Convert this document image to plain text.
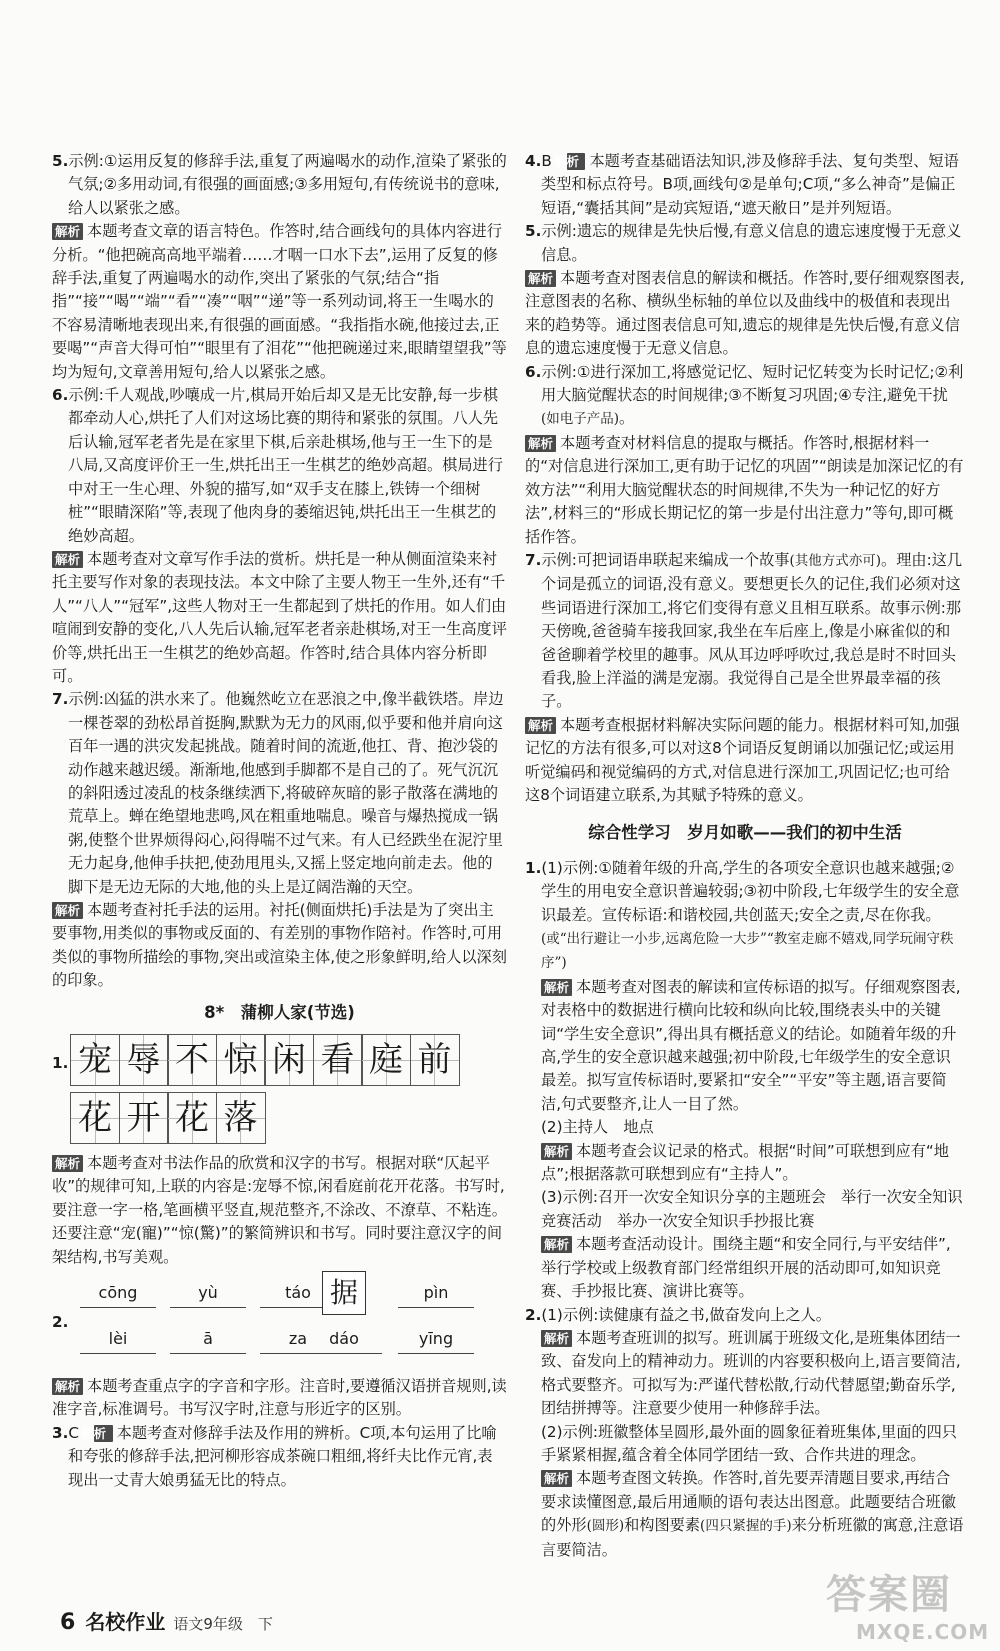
5.示例:①运用反复的修辞手法,重复了两遍喝水的动作,渲染了紧张的气氛;②多用动词,有很强的画面感;③多用短句,有传统说书的意味,给人以紧张之感。

解析 本题考查文章的语言特色。作答时,结合画线句的具体内容进行分析。“他把碗高高地平端着……才咽一口水下去”,运用了反复的修辞手法,重复了两遍喝水的动作,突出了紧张的气氛;结合“指指”“接”“喝”“端”“看”“凑”“咽”“递”等一系列动词,将王一生喝水的不容易清晰地表现出来,有很强的画面感。“我指指水碗,他接过去,正要喝”“声音大得可怕”“眼里有了泪花”“他把碗递过来,眼睛望望我”等均为短句,文章善用短句,给人以紧张之感。

6.示例:千人观战,吵嚷成一片,棋局开始后却又是无比安静,每一步棋都牵动人心,烘托了人们对这场比赛的期待和紧张的氛围。八人先后认输,冠军老者先是在家里下棋,后亲赴棋场,他与王一生下的是八局,又高度评价王一生,烘托出王一生棋艺的绝妙高超。棋局进行中对王一生心理、外貌的描写,如“双手支在膝上,铁铸一个细树桩”“眼睛深陷”等,表现了他肉身的萎缩迟钝,烘托出王一生棋艺的绝妙高超。

解析 本题考查对文章写作手法的赏析。烘托是一种从侧面渲染来衬托主要写作对象的表现技法。本文中除了主要人物王一生外,还有“千人”“八人”“冠军”,这些人物对王一生都起到了烘托的作用。如人们由喧闹到安静的变化,八人先后认输,冠军老者亲赴棋场,对王一生高度评价等,烘托出王一生棋艺的绝妙高超。作答时,结合具体内容分析即可。

7.示例:凶猛的洪水来了。他巍然屹立在恶浪之中,像半截铁塔。岸边一棵苍翠的劲松昂首挺胸,默默为无力的风雨,似乎要和他并肩向这百年一遇的洪灾发起挑战。随着时间的流逝,他扛、背、抱沙袋的动作越来越迟缓。渐渐地,他感到手脚都不是自己的了。死气沉沉的斜阳透过凌乱的枝条继续洒下,将破碎灰暗的影子散落在满地的荒草上。蝉在绝望地悲鸣,风在粗重地喘息。噪音与爆热搅成一锅粥,使整个世界烦得闷心,闷得喘不过气来。有人已经跌坐在泥泞里无力起身,他伸手扶把,使劲甩甩头,又摇上竖定地向前走去。他的脚下是无边无际的大地,他的头上是辽阔浩瀚的天空。

解析 本题考查衬托手法的运用。衬托(侧面烘托)手法是为了突出主要事物,用类似的事物或反面的、有差别的事物作陪衬。作答时,可用类似的事物所描绘的事物,突出或渲染主体,使之形象鲜明,给人以深刻的印象。

8*　蒲柳人家(节选)
1. 宠 辱 不 惊 闲 看 庭 前
花 开 花 落

解析 本题考查对书法作品的欣赏和汉字的书写。根据对联“仄起平收”的规律可知,上联的内容是:宠辱不惊,闲看庭前花开花落。书写时,要注意一字一格,笔画横平竖直,规范整齐,不涂改、不潦草、不粘连。还要注意“宠(寵)”“惊(驚)”的繁简辨识和书写。同时要注意汉字的间架结构,书写美观。

2.
cōng
lèi
yù
ā
táo
za
据
dáo
pìn
yīng

解析 本题考查重点字的字音和字形。注音时,要遵循汉语拼音规则,读准字音,标准调号。书写汉字时,注意与形近字的区别。

3.C　 解析 本题考查对修辞手法及作用的辨析。C项,本句运用了比喻和夸张的修辞手法,把河柳形容成茶碗口粗细,将纤夫比作元宵,表现出一丈青大娘勇猛无比的特点。

4.B　 解析 本题考查基础语法知识,涉及修辞手法、复句类型、短语类型和标点符号。B项,画线句②是单句;C项,“多么神奇”是偏正短语,“囊括其间”是动宾短语,“遮天敝日”是并列短语。

5.示例:遗忘的规律是先快后慢,有意义信息的遗忘速度慢于无意义信息。

解析 本题考查对图表信息的解读和概括。作答时,要仔细观察图表,注意图表的名称、横纵坐标轴的单位以及曲线中的极值和表现出来的趋势等。通过图表信息可知,遗忘的规律是先快后慢,有意义信息的遗忘速度慢于无意义信息。

6.示例:①进行深加工,将感觉记忆、短时记忆转变为长时记忆;②利用大脑觉醒状态的时间规律;③不断复习巩固;④专注,避免干扰(如电子产品)。

解析 本题考查对材料信息的提取与概括。作答时,根据材料一的“对信息进行深加工,更有助于记忆的巩固”“朗读是加深记忆的有效方法”“利用大脑觉醒状态的时间规律,不失为一种记忆的好方法”,材料三的“形成长期记忆的第一步是付出注意力”等句,即可概括作答。

7.示例:可把词语串联起来编成一个故事(其他方式亦可)。理由:这几个词是孤立的词语,没有意义。要想更长久的记住,我们必须对这些词语进行深加工,将它们变得有意义且相互联系。故事示例:那天傍晚,爸爸骑车接我回家,我坐在车后座上,像是小麻雀似的和爸爸聊着学校里的趣事。风从耳边呼呼吹过,我总是时不时回头看我,脸上洋溢的满是宠溺。我觉得自己是全世界最幸福的孩子。

解析 本题考查根据材料解决实际问题的能力。根据材料可知,加强记忆的方法有很多,可以对这8个词语反复朗诵以加强记忆;或运用听觉编码和视觉编码的方式,对信息进行深加工,巩固记忆;也可给这8个词语建立联系,为其赋予特殊的意义。

综合性学习　岁月如歌——我们的初中生活

1.(1)示例:①随着年级的升高,学生的各项安全意识也越来越强;②学生的用电安全意识普遍较弱;③初中阶段,七年级学生的安全意识最差。宣传标语:和谐校园,共创蓝天;安全之责,尽在你我。(或“出行避让一小步,远离危险一大步”“教室走廊不嬉戏,同学玩闹守秩序”)

解析 本题考查对图表的解读和宣传标语的拟写。仔细观察图表,对表格中的数据进行横向比较和纵向比较,围绕表头中的关键词“学生安全意识”,得出具有概括意义的结论。如随着年级的升高,学生的安全意识越来越强;初中阶段,七年级学生的安全意识最差。拟写宣传标语时,要紧扣“安全”“平安”等主题,语言要简洁,句式要整齐,让人一目了然。

(2)主持人　地点

解析 本题考查会议记录的格式。根据“时间”可联想到应有“地点”;根据落款可联想到应有“主持人”。

(3)示例:召开一次安全知识分享的主题班会　举行一次安全知识竞赛活动　举办一次安全知识手抄报比赛

解析 本题考查活动设计。围绕主题“和安全同行,与平安结伴”,举行学校或上级教育部门经常组织开展的活动即可,如知识竞赛、手抄报比赛、演讲比赛等。

2.(1)示例:读健康有益之书,做奋发向上之人。

解析 本题考查班训的拟写。班训属于班级文化,是班集体团结一致、奋发向上的精神动力。班训的内容要积极向上,语言要简洁,格式要整齐。可拟写为:严谨代替松散,行动代替愿望;勤奋乐学,团结拼搏等。注意要少使用一种修辞手法。

(2)示例:班徽整体呈圆形,最外面的圆象征着班集体,里面的四只手紧紧相握,蕴含着全体同学团结一致、合作共进的理念。

解析 本题考查图文转换。作答时,首先要弄清题目要求,再结合要求读懂图意,最后用通顺的语句表达出图意。此题要结合班徽的外形(圆形)和构图要素(四只紧握的手)来分析班徽的寓意,注意语言要简洁。

6 名校作业 语文9年级　下
答案圈
MXQE.COM
